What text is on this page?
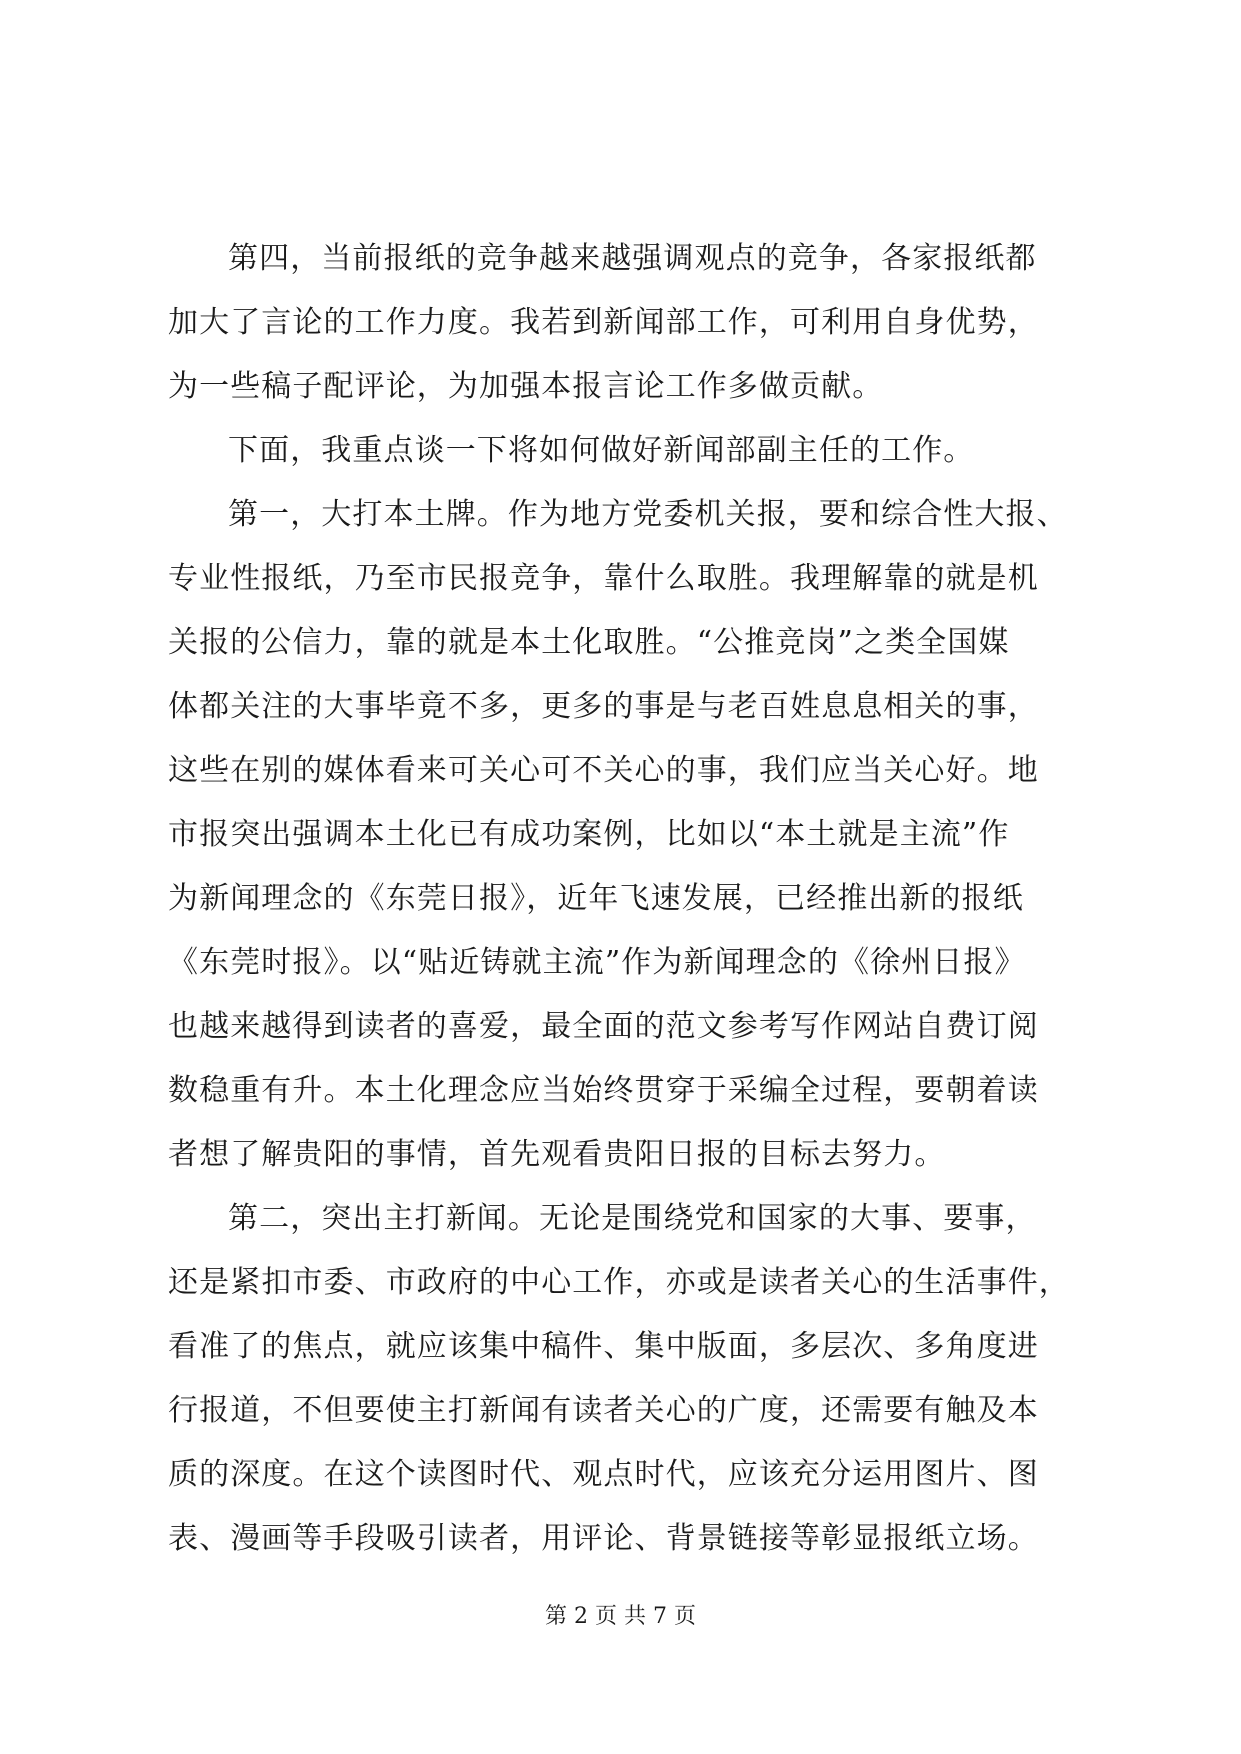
第四，当前报纸的竞争越来越强调观点的竞争，各家报纸都
加大了言论的工作力度。我若到新闻部工作，可利用自身优势，
为一些稿子配评论，为加强本报言论工作多做贡献。
下面，我重点谈一下将如何做好新闻部副主任的工作。
第一，大打本土牌。作为地方党委机关报，要和综合性大报、
专业性报纸，乃至市民报竞争，靠什么取胜。我理解靠的就是机
关报的公信力，靠的就是本土化取胜。“公推竞岗”之类全国媒
体都关注的大事毕竟不多，更多的事是与老百姓息息相关的事，
这些在别的媒体看来可关心可不关心的事，我们应当关心好。地
市报突出强调本土化已有成功案例，比如以“本土就是主流”作
为新闻理念的《东莞日报》，近年飞速发展，已经推出新的报纸
《东莞时报》。以“贴近铸就主流”作为新闻理念的《徐州日报》
也越来越得到读者的喜爱，最全面的范文参考写作网站自费订阅
数稳重有升。本土化理念应当始终贯穿于采编全过程，要朝着读
者想了解贵阳的事情，首先观看贵阳日报的目标去努力。
第二，突出主打新闻。无论是围绕党和国家的大事、要事，
还是紧扣市委、市政府的中心工作，亦或是读者关心的生活事件，
看准了的焦点，就应该集中稿件、集中版面，多层次、多角度进
行报道，不但要使主打新闻有读者关心的广度，还需要有触及本
质的深度。在这个读图时代、观点时代，应该充分运用图片、图
表、漫画等手段吸引读者，用评论、背景链接等彰显报纸立场。
第 2 页 共 7 页
